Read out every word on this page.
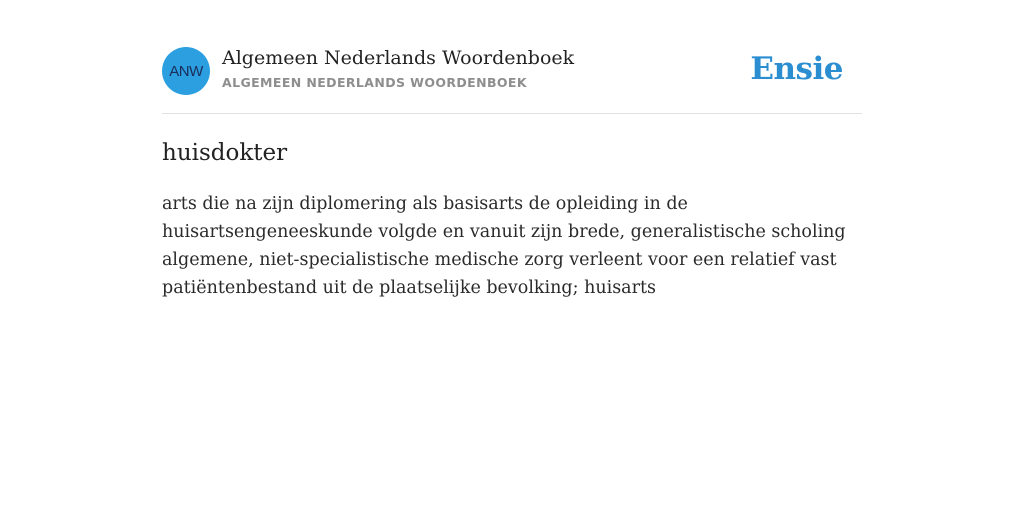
ANW
Algemeen Nederlands Woordenboek
ALGEMEEN NEDERLANDS WOORDENBOEK	Ensie
huisdokter
arts die na zijn diplomering als basisarts de opleiding in de huisartsengeneeskunde volgde en vanuit zijn brede, generalistische scholing algemene, niet-specialistische medische zorg verleent voor een relatief vast patiëntenbestand uit de plaatselijke bevolking; huisarts
